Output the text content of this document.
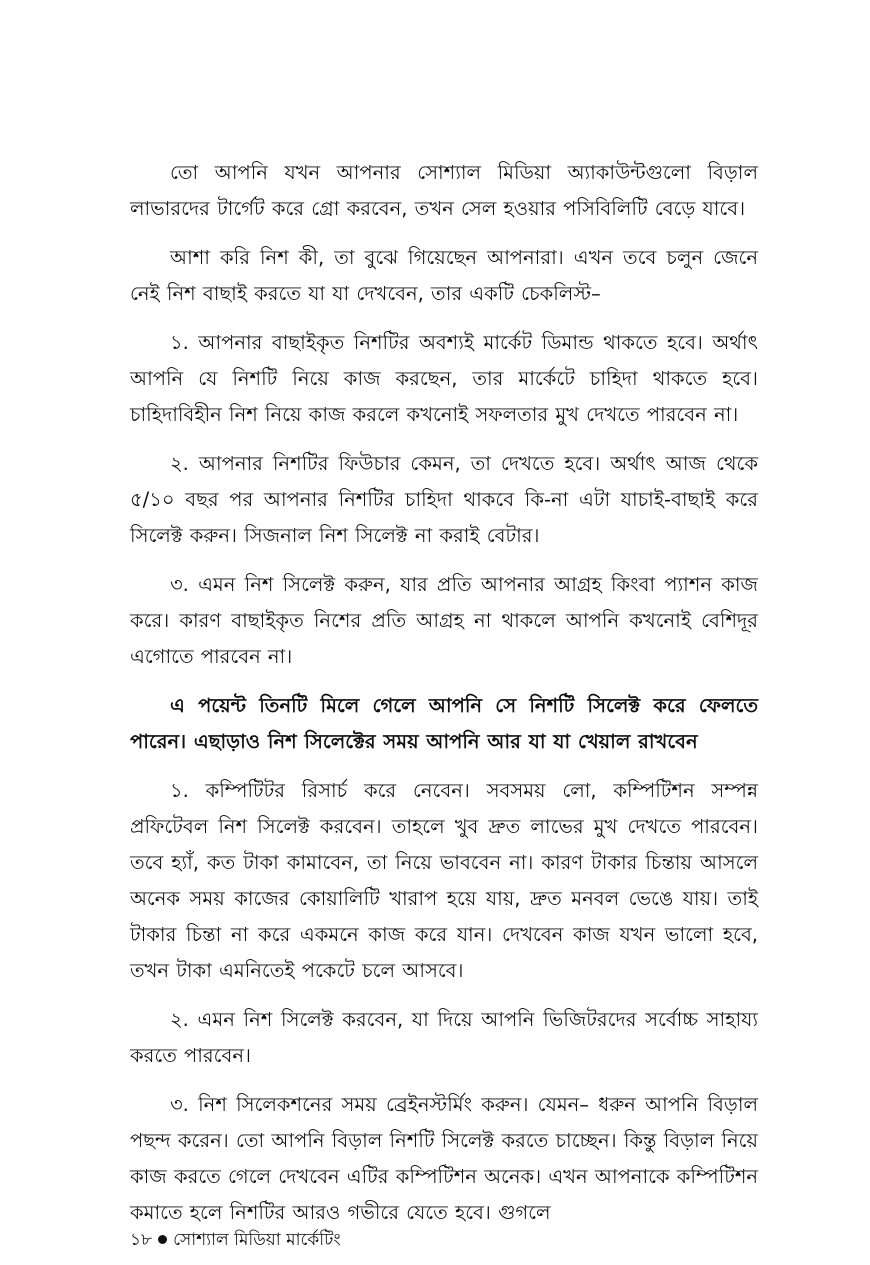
তো আপনি যখন আপনার সোশ্যাল মিডিয়া অ্যাকাউন্টগুলো বিড়াল লাভারদের টার্গেট করে গ্রো করবেন, তখন সেল হওয়ার পসিবিলিটি বেড়ে যাবে।

আশা করি নিশ কী, তা বুঝে গিয়েছেন আপনারা। এখন তবে চলুন জেনে নেই নিশ বাছাই করতে যা যা দেখবেন, তার একটি চেকলিস্ট–

১. আপনার বাছাইকৃত নিশটির অবশ্যই মার্কেট ডিমান্ড থাকতে হবে। অর্থাৎ আপনি যে নিশটি নিয়ে কাজ করছেন, তার মার্কেটে চাহিদা থাকতে হবে। চাহিদাবিহীন নিশ নিয়ে কাজ করলে কখনোই সফলতার মুখ দেখতে পারবেন না।

২. আপনার নিশটির ফিউচার কেমন, তা দেখতে হবে। অর্থাৎ আজ থেকে ৫/১০ বছর পর আপনার নিশটির চাহিদা থাকবে কি-না এটা যাচাই-বাছাই করে সিলেক্ট করুন। সিজনাল নিশ সিলেক্ট না করাই বেটার।

৩. এমন নিশ সিলেক্ট করুন, যার প্রতি আপনার আগ্রহ কিংবা প্যাশন কাজ করে। কারণ বাছাইকৃত নিশের প্রতি আগ্রহ না থাকলে আপনি কখনোই বেশিদূর এগোতে পারবেন না।

এ পয়েন্ট তিনটি মিলে গেলে আপনি সে নিশটি সিলেক্ট করে ফেলতে পারেন। এছাড়াও নিশ সিলেক্টের সময় আপনি আর যা যা খেয়াল রাখবেন

১. কম্পিটিটর রিসার্চ করে নেবেন। সবসময় লো, কম্পিটিশন সম্পন্ন প্রফিটেবল নিশ সিলেক্ট করবেন। তাহলে খুব দ্রুত লাভের মুখ দেখতে পারবেন। তবে হ্যাঁ, কত টাকা কামাবেন, তা নিয়ে ভাববেন না। কারণ টাকার চিন্তায় আসলে অনেক সময় কাজের কোয়ালিটি খারাপ হয়ে যায়, দ্রুত মনবল ভেঙে যায়। তাই টাকার চিন্তা না করে একমনে কাজ করে যান। দেখবেন কাজ যখন ভালো হবে, তখন টাকা এমনিতেই পকেটে চলে আসবে।

২. এমন নিশ সিলেক্ট করবেন, যা দিয়ে আপনি ভিজিটরদের সর্বোচ্চ সাহায্য করতে পারবেন।

৩. নিশ সিলেকশনের সময় ব্রেইনস্টর্মিং করুন। যেমন– ধরুন আপনি বিড়াল পছন্দ করেন। তো আপনি বিড়াল নিশটি সিলেক্ট করতে চাচ্ছেন। কিন্তু বিড়াল নিয়ে কাজ করতে গেলে দেখবেন এটির কম্পিটিশন অনেক। এখন আপনাকে কম্পিটিশন কমাতে হলে নিশটির আরও গভীরে যেতে হবে। গুগলে

১৮ সোশ্যাল মিডিয়া মার্কেটিং
